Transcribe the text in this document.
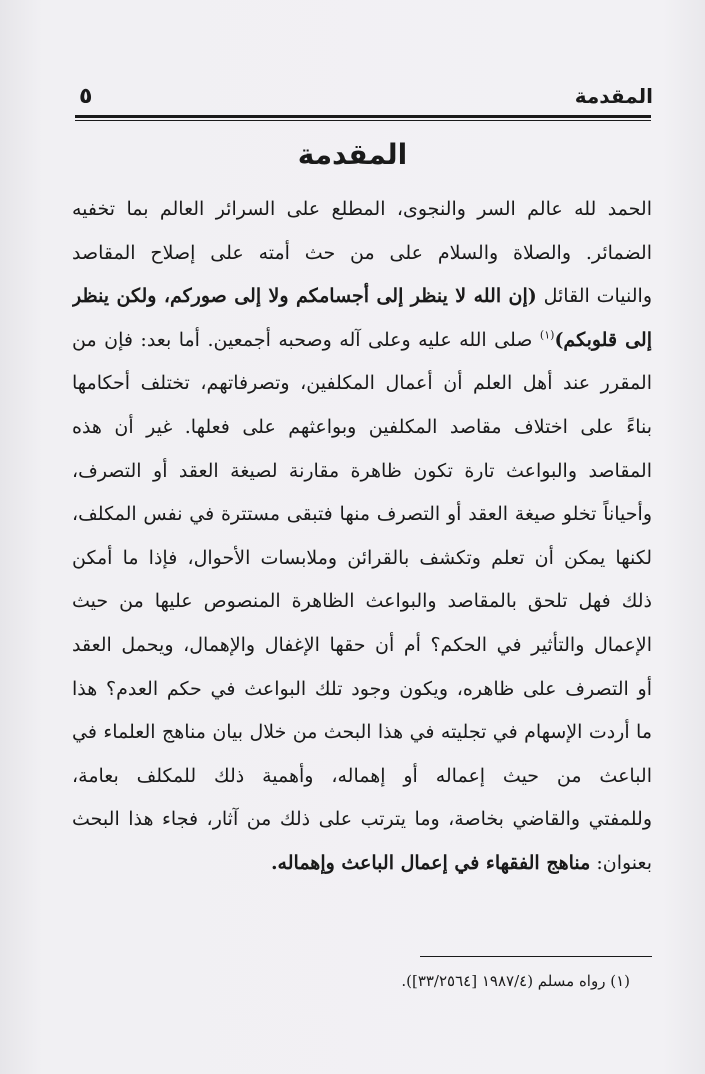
٥	المقدمة
المقدمة
الحمد لله عالم السر والنجوى، المطلع على السرائر العالم بما تخفيه
الضمائر. والصلاة والسلام على من حث أمته على إصلاح المقاصد
والنيات القائل (إن الله لا ينظر إلى أجسامكم ولا إلى صوركم، ولكن ينظر
إلى قلوبكم)$^{(١)}$ صلى الله عليه وعلى آله وصحبه أجمعين. أما بعد: فإن من
المقرر عند أهل العلم أن أعمال المكلفين، وتصرفاتهم، تختلف أحكامها
بناءً على اختلاف مقاصد المكلفين وبواعثهم على فعلها. غير أن هذه
المقاصد والبواعث تارة تكون ظاهرة مقارنة لصيغة العقد أو التصرف،
وأحياناً تخلو صيغة العقد أو التصرف منها فتبقى مستترة في نفس المكلف،
لكنها يمكن أن تعلم وتكشف بالقرائن وملابسات الأحوال، فإذا ما أمكن
ذلك فهل تلحق بالمقاصد والبواعث الظاهرة المنصوص عليها من حيث
الإعمال والتأثير في الحكم؟ أم أن حقها الإغفال والإهمال، ويحمل العقد
أو التصرف على ظاهره، ويكون وجود تلك البواعث في حكم العدم؟ هذا
ما أردت الإسهام في تجليته في هذا البحث من خلال بيان مناهج العلماء في
الباعث من حيث إعماله أو إهماله، وأهمية ذلك للمكلف بعامة،
وللمفتي والقاضي بخاصة، وما يترتب على ذلك من آثار، فجاء هذا البحث
بعنوان: مناهج الفقهاء في إعمال الباعث وإهماله.
(١) رواه مسلم (١٩٨٧/٤ [٣٣/٢٥٦٤]).
